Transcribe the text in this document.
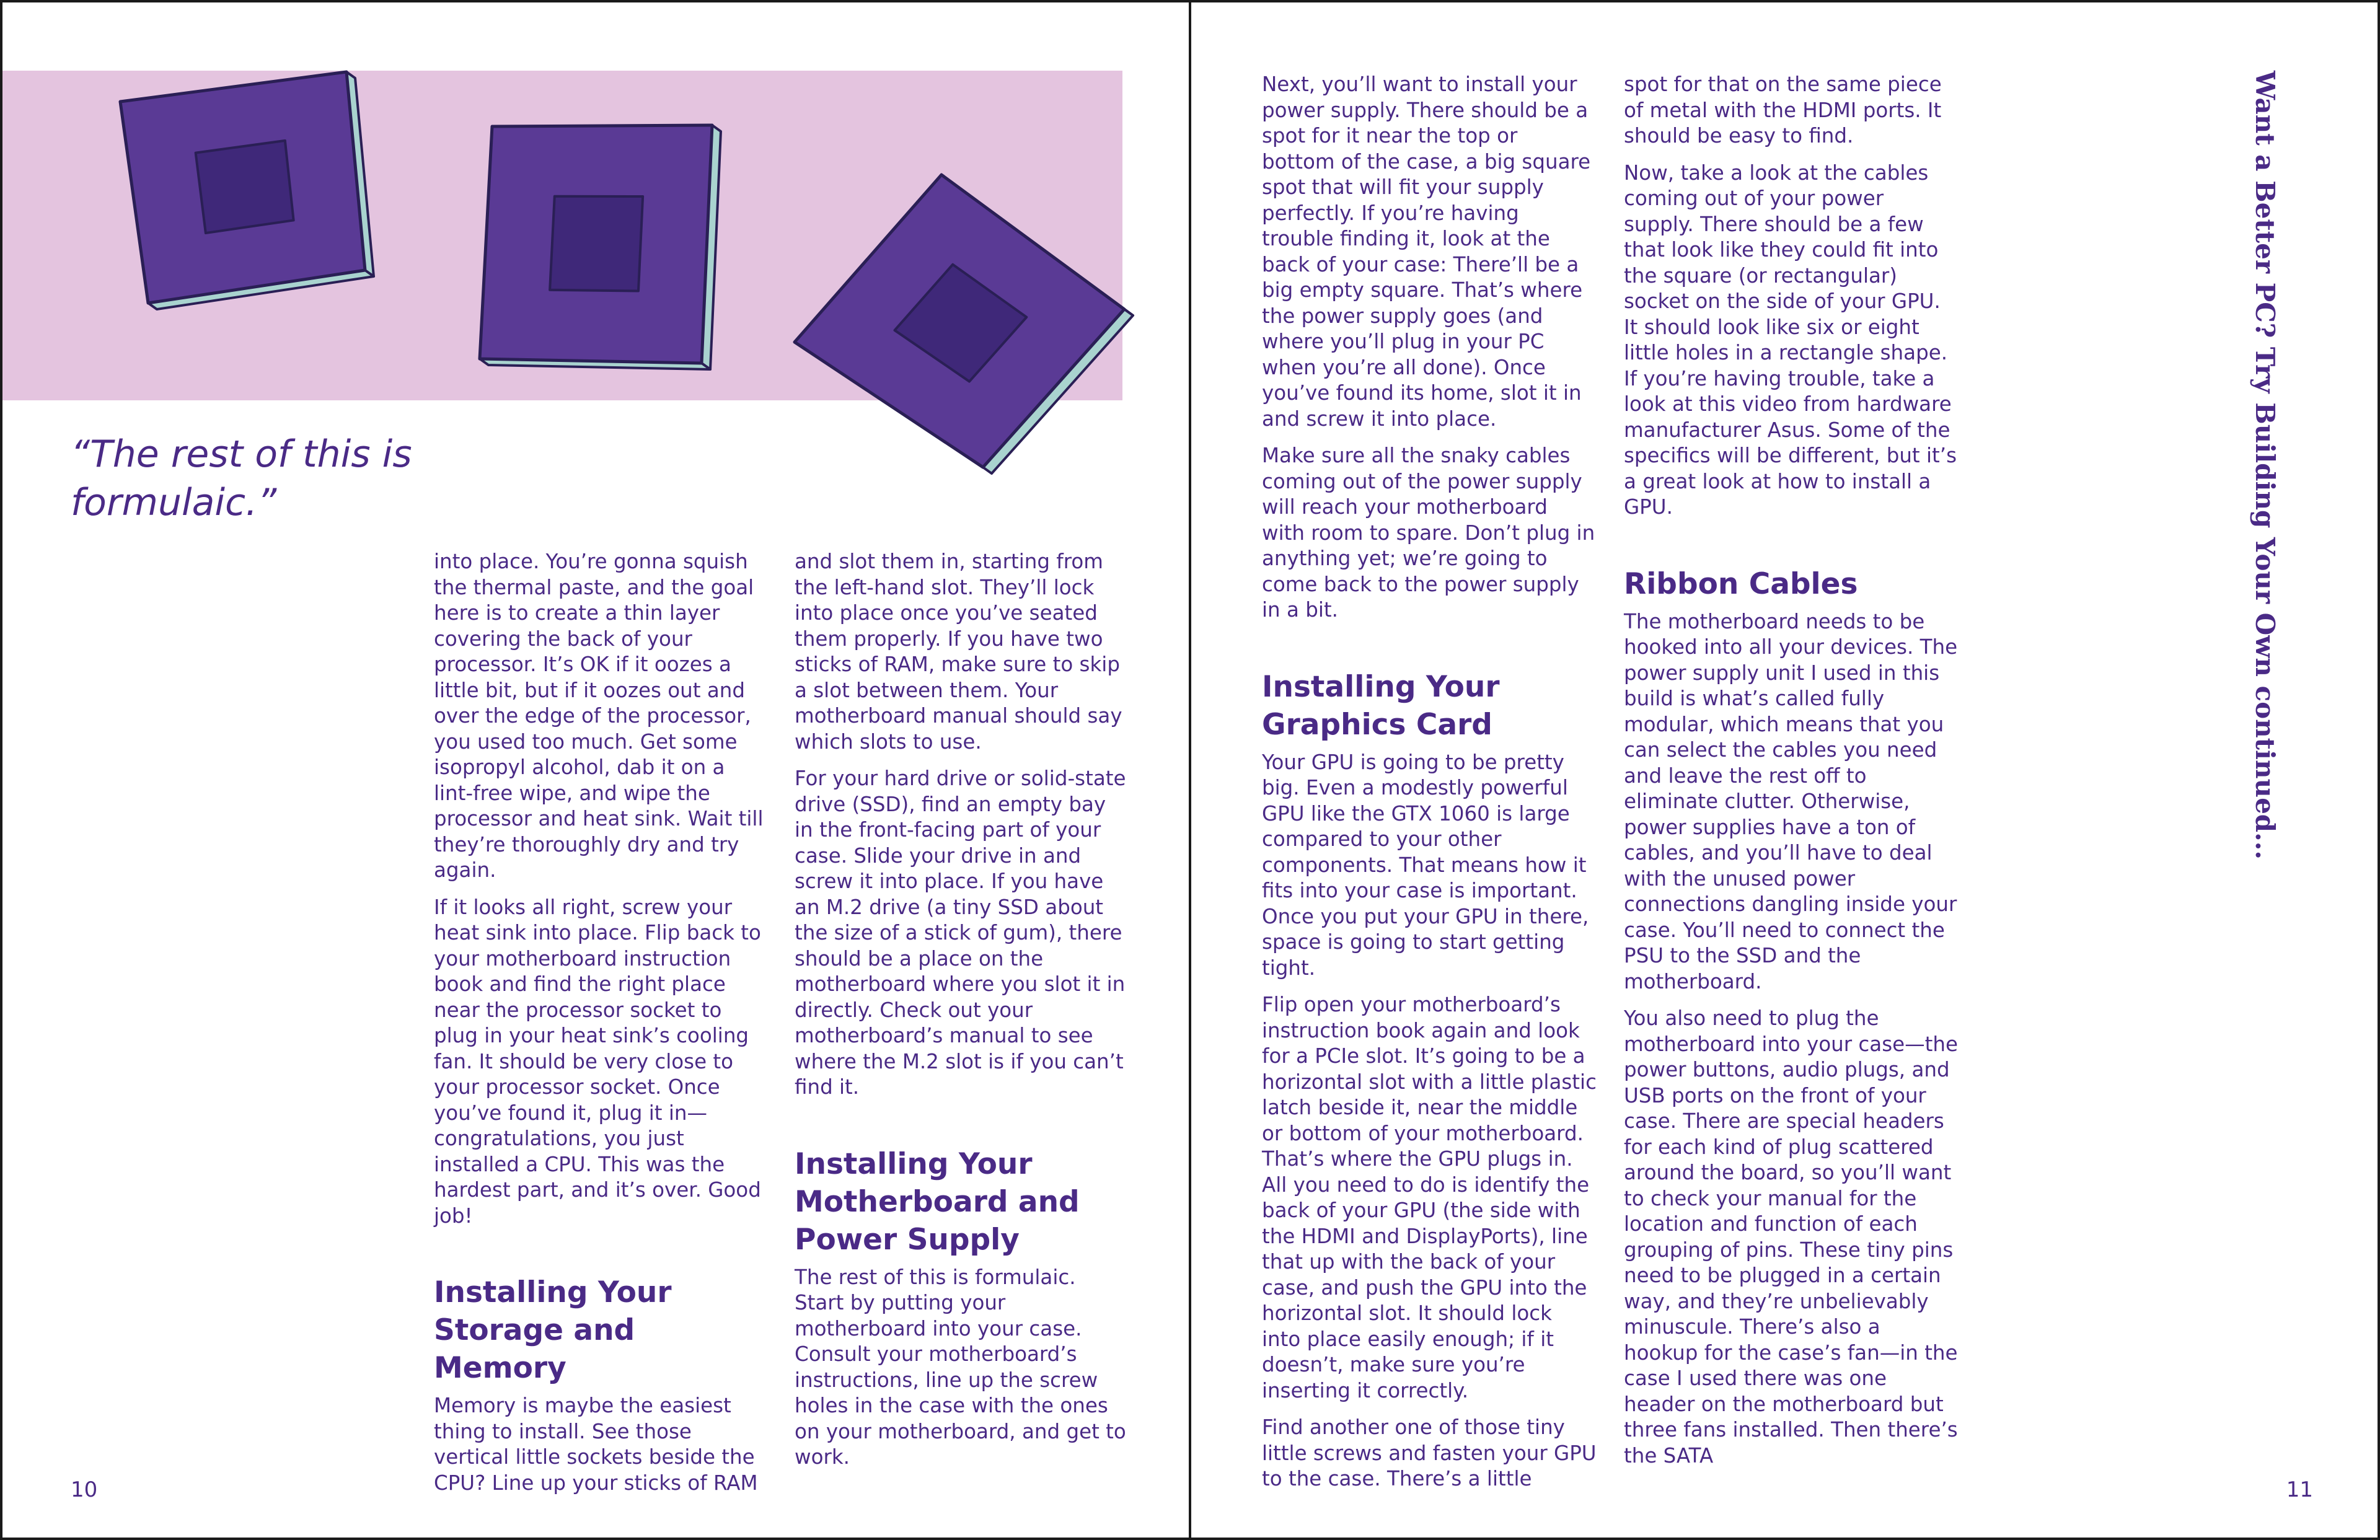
“The rest of this is formulaic.”

into place. You’re gonna squish the thermal paste, and the goal here is to create a thin layer covering the back of your processor. It’s OK if it oozes a little bit, but if it oozes out and over the edge of the processor, you used too much. Get some isopropyl alcohol, dab it on a lint-free wipe, and wipe the processor and heat sink. Wait till they’re thoroughly dry and try again.

If it looks all right, screw your heat sink into place. Flip back to your motherboard instruction book and find the right place near the processor socket to plug in your heat sink’s cooling fan. It should be very close to your processor socket. Once you’ve found it, plug it in—congratulations, you just installed a CPU. This was the hardest part, and it’s over. Good job!

Installing Your Storage and Memory

Memory is maybe the easiest thing to install. See those vertical little sockets beside the CPU? Line up your sticks of RAM

and slot them in, starting from the left-hand slot. They’ll lock into place once you’ve seated them properly. If you have two sticks of RAM, make sure to skip a slot between them. Your motherboard manual should say which slots to use.

For your hard drive or solid-state drive (SSD), find an empty bay in the front-facing part of your case. Slide your drive in and screw it into place. If you have an M.2 drive (a tiny SSD about the size of a stick of gum), there should be a place on the motherboard where you slot it in directly. Check out your motherboard’s manual to see where the M.2 slot is if you can’t find it.

Installing Your Motherboard and Power Supply

The rest of this is formulaic. Start by putting your motherboard into your case. Consult your motherboard’s instructions, line up the screw holes in the case with the ones on your motherboard, and get to work.

10

Next, you’ll want to install your power supply. There should be a spot for it near the top or bottom of the case, a big square spot that will fit your supply perfectly. If you’re having trouble finding it, look at the back of your case: There’ll be a big empty square. That’s where the power supply goes (and where you’ll plug in your PC when you’re all done). Once you’ve found its home, slot it in and screw it into place.

Make sure all the snaky cables coming out of the power supply will reach your motherboard with room to spare. Don’t plug in anything yet; we’re going to come back to the power supply in a bit.

Installing Your Graphics Card

Your GPU is going to be pretty big. Even a modestly powerful GPU like the GTX 1060 is large compared to your other components. That means how it fits into your case is important. Once you put your GPU in there, space is going to start getting tight.

Flip open your motherboard’s instruction book again and look for a PCIe slot. It’s going to be a horizontal slot with a little plastic latch beside it, near the middle or bottom of your motherboard. That’s where the GPU plugs in. All you need to do is identify the back of your GPU (the side with the HDMI and DisplayPorts), line that up with the back of your case, and push the GPU into the horizontal slot. It should lock into place easily enough; if it doesn’t, make sure you’re inserting it correctly.

Find another one of those tiny little screws and fasten your GPU to the case. There’s a little

spot for that on the same piece of metal with the HDMI ports. It should be easy to find.

Now, take a look at the cables coming out of your power supply. There should be a few that look like they could fit into the square (or rectangular) socket on the side of your GPU. It should look like six or eight little holes in a rectangle shape. If you’re having trouble, take a look at this video from hardware manufacturer Asus. Some of the specifics will be different, but it’s a great look at how to install a GPU.

Ribbon Cables

The motherboard needs to be hooked into all your devices. The power supply unit I used in this build is what’s called fully modular, which means that you can select the cables you need and leave the rest off to eliminate clutter. Otherwise, power supplies have a ton of cables, and you’ll have to deal with the unused power connections dangling inside your case. You’ll need to connect the PSU to the SSD and the motherboard.

You also need to plug the motherboard into your case—the power buttons, audio plugs, and USB ports on the front of your case. There are special headers for each kind of plug scattered around the board, so you’ll want to check your manual for the location and function of each grouping of pins. These tiny pins need to be plugged in a certain way, and they’re unbelievably minuscule. There’s also a hookup for the case’s fan—in the case I used there was one header on the motherboard but three fans installed. Then there’s the SATA

Want a Better PC? Try Building Your Own continued...
11
